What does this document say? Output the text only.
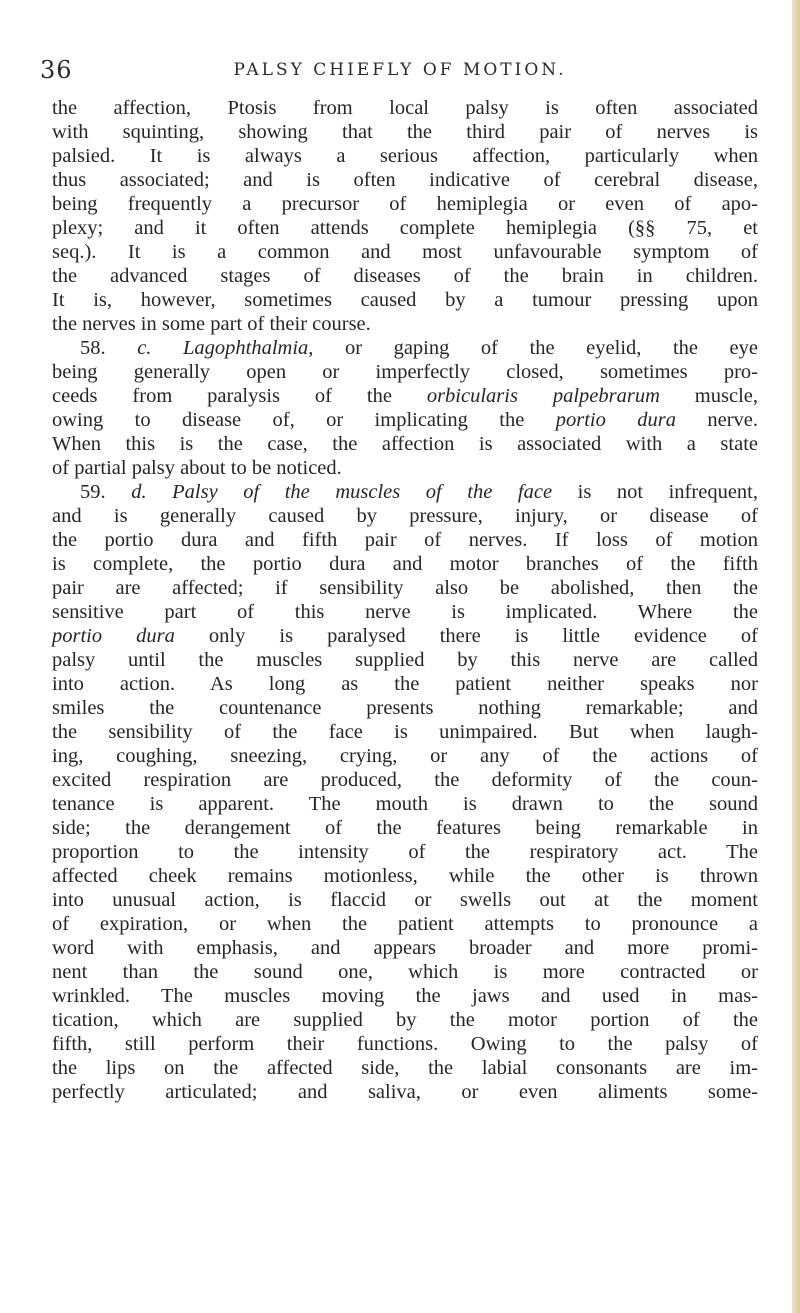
36	PALSY CHIEFLY OF MOTION.
the affection, Ptosis from local palsy is often associated
with squinting, showing that the third pair of nerves is
palsied. It is always a serious affection, particularly when
thus associated; and is often indicative of cerebral disease,
being frequently a precursor of hemiplegia or even of apo-
plexy; and it often attends complete hemiplegia (§§ 75, et
seq.). It is a common and most unfavourable symptom of
the advanced stages of diseases of the brain in children.
It is, however, sometimes caused by a tumour pressing upon
the nerves in some part of their course.
58. c. Lagophthalmia, or gaping of the eyelid, the eye
being generally open or imperfectly closed, sometimes pro-
ceeds from paralysis of the orbicularis palpebrarum muscle,
owing to disease of, or implicating the portio dura nerve.
When this is the case, the affection is associated with a state
of partial palsy about to be noticed.
59. d. Palsy of the muscles of the face is not infrequent,
and is generally caused by pressure, injury, or disease of
the portio dura and fifth pair of nerves. If loss of motion
is complete, the portio dura and motor branches of the fifth
pair are affected; if sensibility also be abolished, then the
sensitive part of this nerve is implicated. Where the
portio dura only is paralysed there is little evidence of
palsy until the muscles supplied by this nerve are called
into action. As long as the patient neither speaks nor
smiles the countenance presents nothing remarkable; and
the sensibility of the face is unimpaired. But when laugh-
ing, coughing, sneezing, crying, or any of the actions of
excited respiration are produced, the deformity of the coun-
tenance is apparent. The mouth is drawn to the sound
side; the derangement of the features being remarkable in
proportion to the intensity of the respiratory act. The
affected cheek remains motionless, while the other is thrown
into unusual action, is flaccid or swells out at the moment
of expiration, or when the patient attempts to pronounce a
word with emphasis, and appears broader and more promi-
nent than the sound one, which is more contracted or
wrinkled. The muscles moving the jaws and used in mas-
tication, which are supplied by the motor portion of the
fifth, still perform their functions. Owing to the palsy of
the lips on the affected side, the labial consonants are im-
perfectly articulated; and saliva, or even aliments some-
